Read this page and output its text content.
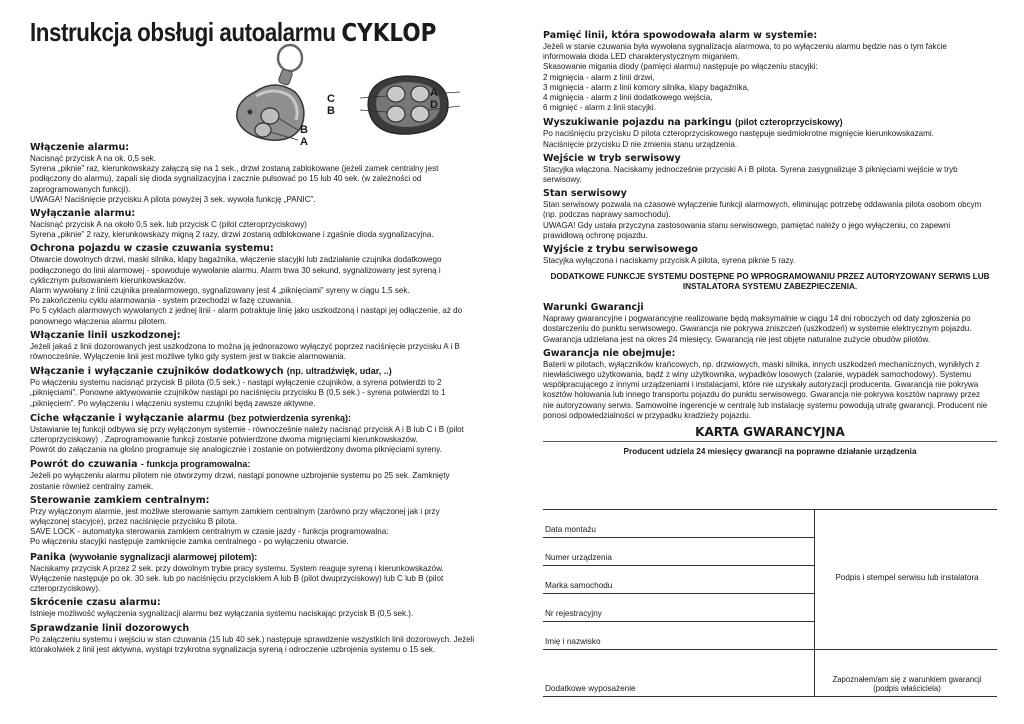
Instrukcja obsługi autoalarmu CYKLOP
B
A
C
B
A
D
Włączenie alarmu:

Nacisnąć przycisk A na ok. 0,5 sek.

Syrena „piknie” raz, kierunkowskazy załączą się na 1 sek., drzwi zostaną zablokowane (jeżeli zamek centralny jest podłączony do alarmu), zapali się dioda sygnalizacyjna i zacznie pulsować po 15 lub 40 sek. (w zależności od zaprogramowanych funkcji).

UWAGA! Naciśnięcie przycisku A pilota powyżej 3 sek. wywoła funkcję „PANIC”.

Wyłączanie alarmu:

Nacisnąć przycisk A na około 0,5 sek. lub przycisk C (pilot czteroprzyciskowy)

Syrena „piknie” 2 razy, kierunkowskazy migną 2 razy, drzwi zostaną odblokowane i zgaśnie dioda sygnalizacyjna.

Ochrona pojazdu w czasie czuwania systemu:

Otwarcie dowolnych drzwi, maski silnika, klapy bagażnika, włączenie stacyjki lub zadziałanie czujnika dodatkowego podłączonego do linii alarmowej - spowoduje wywołanie alarmu. Alarm trwa 30 sekund, sygnalizowany jest syreną i cyklicznym pulsowaniem kierunkowskazów.

Alarm wywołany z linii czujnika prealarmowego, sygnalizowany jest 4 „piknięciami” syreny w ciągu 1,5 sek.

Po zakończeniu cyklu alarmowania - system przechodzi w fazę czuwania.

Po 5 cyklach alarmowych wywołanych z jednej linii - alarm potraktuje linię jako uszkodzoną i nastąpi jej odłączenie, aż do ponownego włączenia alarmu pilotem.

Włączanie linii uszkodzonej:

Jeżeli jakaś z linii dozorowanych jest uszkodzona to można ją jednorazowo wyłączyć poprzez naciśnięcie przycisku A i B równocześnie. Wyłączenie linii jest możliwe tylko gdy system jest w trakcie alarmowania.

Włączanie i wyłączanie czujników dodatkowych (np. ultradźwięk, udar, ..)

Po włączeniu systemu nacisnąć przycisk B pilota (0,5 sek.) - nastąpi wyłączenie czujników, a syrena potwierdzi to 2 „piknięciami”. Ponowne aktywowanie czujników nastąpi po naciśnięciu przycisku B (0,5 sek.) - syrena potwierdzi to 1 „piknięciem”. Po wyłączeniu i włączeniu systemu czujniki będą zawsze aktywne.

Ciche włączanie i wyłączanie alarmu (bez potwierdzenia syrenką):

Ustawianie tej funkcji odbywa się przy wyłączonym systemie - równocześnie należy nacisnąć przycisk A i B lub C i B (pilot czteroprzyciskowy) . Zaprogramowanie funkcji zostanie potwierdzone dwoma mignięciami kierunkowskazów.

Powrót do załączania na głośno programuje się analogicznie i zostanie on potwierdzony dwoma piknięciami syreny.

Powrót do czuwania - funkcja programowalna:

Jeżeli po wyłączeniu alarmu pilotem nie otworzymy drzwi, nastąpi ponowne uzbrojenie systemu po 25 sek. Zamknięty zostanie również centralny zamek.

Sterowanie zamkiem centralnym:

Przy wyłączonym alarmie, jest możliwe sterowanie samym zamkiem centralnym (zarówno przy włączonej jak i przy wyłączonej stacyjce), przez naciśnięcie przycisku B pilota.

SAVE LOCK - automatyka sterowania zamkiem centralnym w czasie jazdy - funkcja programowalna:

Po włączeniu stacyjki następuje zamknięcie zamka centralnego - po wyłączeniu otwarcie.

Panika (wywołanie sygnalizacji alarmowej pilotem):

Naciskamy przycisk A przez 2 sek. przy dowolnym trybie pracy systemu. System reaguje syreną i kierunkowskazów. Wyłączenie następuje po ok. 30 sek. lub po naciśnięciu przyciskiem A lub B (pilot dwuprzyciskowy) lub C lub B (pilot czteroprzyciskowy).

Skrócenie czasu alarmu:

Istnieje możliwość wyłączenia sygnalizacji alarmu bez wyłączania systemu naciskając przycisk B (0,5 sek.).

Sprawdzanie linii dozorowych

Po załączeniu systemu i wejściu w stan czuwania (15 lub 40 sek.) następuje sprawdzenie wszystkich linii dozorowych. Jeżeli którakolwiek z linii jest aktywna, wystąpi trzykrotna sygnalizacja syreną i odroczenie uzbrojenia systemu o 15 sek.

Pamięć linii, która spowodowała alarm w systemie:

Jeżeli w stanie czuwania była wywołana sygnalizacja alarmowa, to po wyłączeniu alarmu będzie nas o tym fakcie informowała dioda LED charakterystycznym miganiem.

Skasowanie migania diody (pamięci alarmu) następuje po włączeniu stacyjki:

2 mignięcia - alarm z linii drzwi,

3 mignięcia - alarm z linii komory silnika, klapy bagażnika,

4 mignięcia - alarm z linii dodatkowego wejścia,

6 mignięć - alarm z linii stacyjki.

Wyszukiwanie pojazdu na parkingu (pilot czteroprzyciskowy)

Po naciśnięciu przycisku D pilota czteroprzyciskowego następuje siedmiokrotne mignięcie kierunkowskazami.

Naciśnięcie przycisku D nie zmienia stanu urządzenia.

Wejście w tryb serwisowy

Stacyjka włączona. Naciskamy jednocześnie przyciski A i B pilota. Syrena zasygnalizuje 3 piknięciami wejście w tryb serwisowy.

Stan serwisowy

Stan serwisowy pozwala na czasowe wyłączenie funkcji alarmowych, eliminując potrzebę oddawania pilota osobom obcym (np. podczas naprawy samochodu).

UWAGA! Gdy ustała przyczyna zastosowania stanu serwisowego, pamiętać należy o jego wyłączeniu, co zapewni prawidłową ochronę pojazdu.

Wyjście z trybu serwisowego

Stacyjka wyłączona i naciskamy przycisk A pilota, syrena piknie 5 razy.

DODATKOWE FUNKCJE SYSTEMU DOSTĘPNE PO WPROGRAMOWANIU PRZEZ AUTORYZOWANY SERWIS LUB INSTALATORA SYSTEMU ZABEZPIECZENIA.
Warunki Gwarancji

Naprawy gwarancyjne i pogwarancyjne realizowane będą maksymalnie w ciągu 14 dni roboczych od daty zgłoszenia po dostarczeniu do punktu serwisowego. Gwarancja nie pokrywa zniszczeń (uszkodzeń) w systemie elektrycznym pojazdu. Gwarancja udzielana jest na okres 24 miesięcy. Gwarancją nie jest objęte naturalne zużycie obudów pilotów.

Gwarancja nie obejmuje:

Baterii w pilotach, wyłączników krańcowych, np. drzwiowych, maski silnika, innych uszkodzeń mechanicznych, wynikłych z niewłaściwego użytkowania, bądź z winy użytkownika, wypadków losowych (zalanie, wypadek samochodowy). Systemu współpracującego z innymi urządzeniami i instalacjami, które nie uzyskały autoryzacji producenta. Gwarancja nie pokrywa kosztów holowania lub innego transportu pojazdu do punktu serwisowego. Gwarancja nie pokrywa kosztów naprawy przez nie autoryzowany serwis. Samowolne ingerencje w centralę lub instalację systemu powodują utratę gwarancji. Producent nie ponosi odpowiedzialności w przypadku kradzieży pojazdu.

KARTA GWARANCYJNA
Producent udziela 24 miesięcy gwarancji na poprawne działanie urządzenia
Data montażu	Podpis i stempel serwisu lub instalatora
Numer urządzenia	
Marka samochodu	
Nr rejestracyjny	
Imię i nazwisko	
Dodatkowe wyposażenie	Zapoznałem/am się z warunkiem gwarancji
(podpis właściciela)
